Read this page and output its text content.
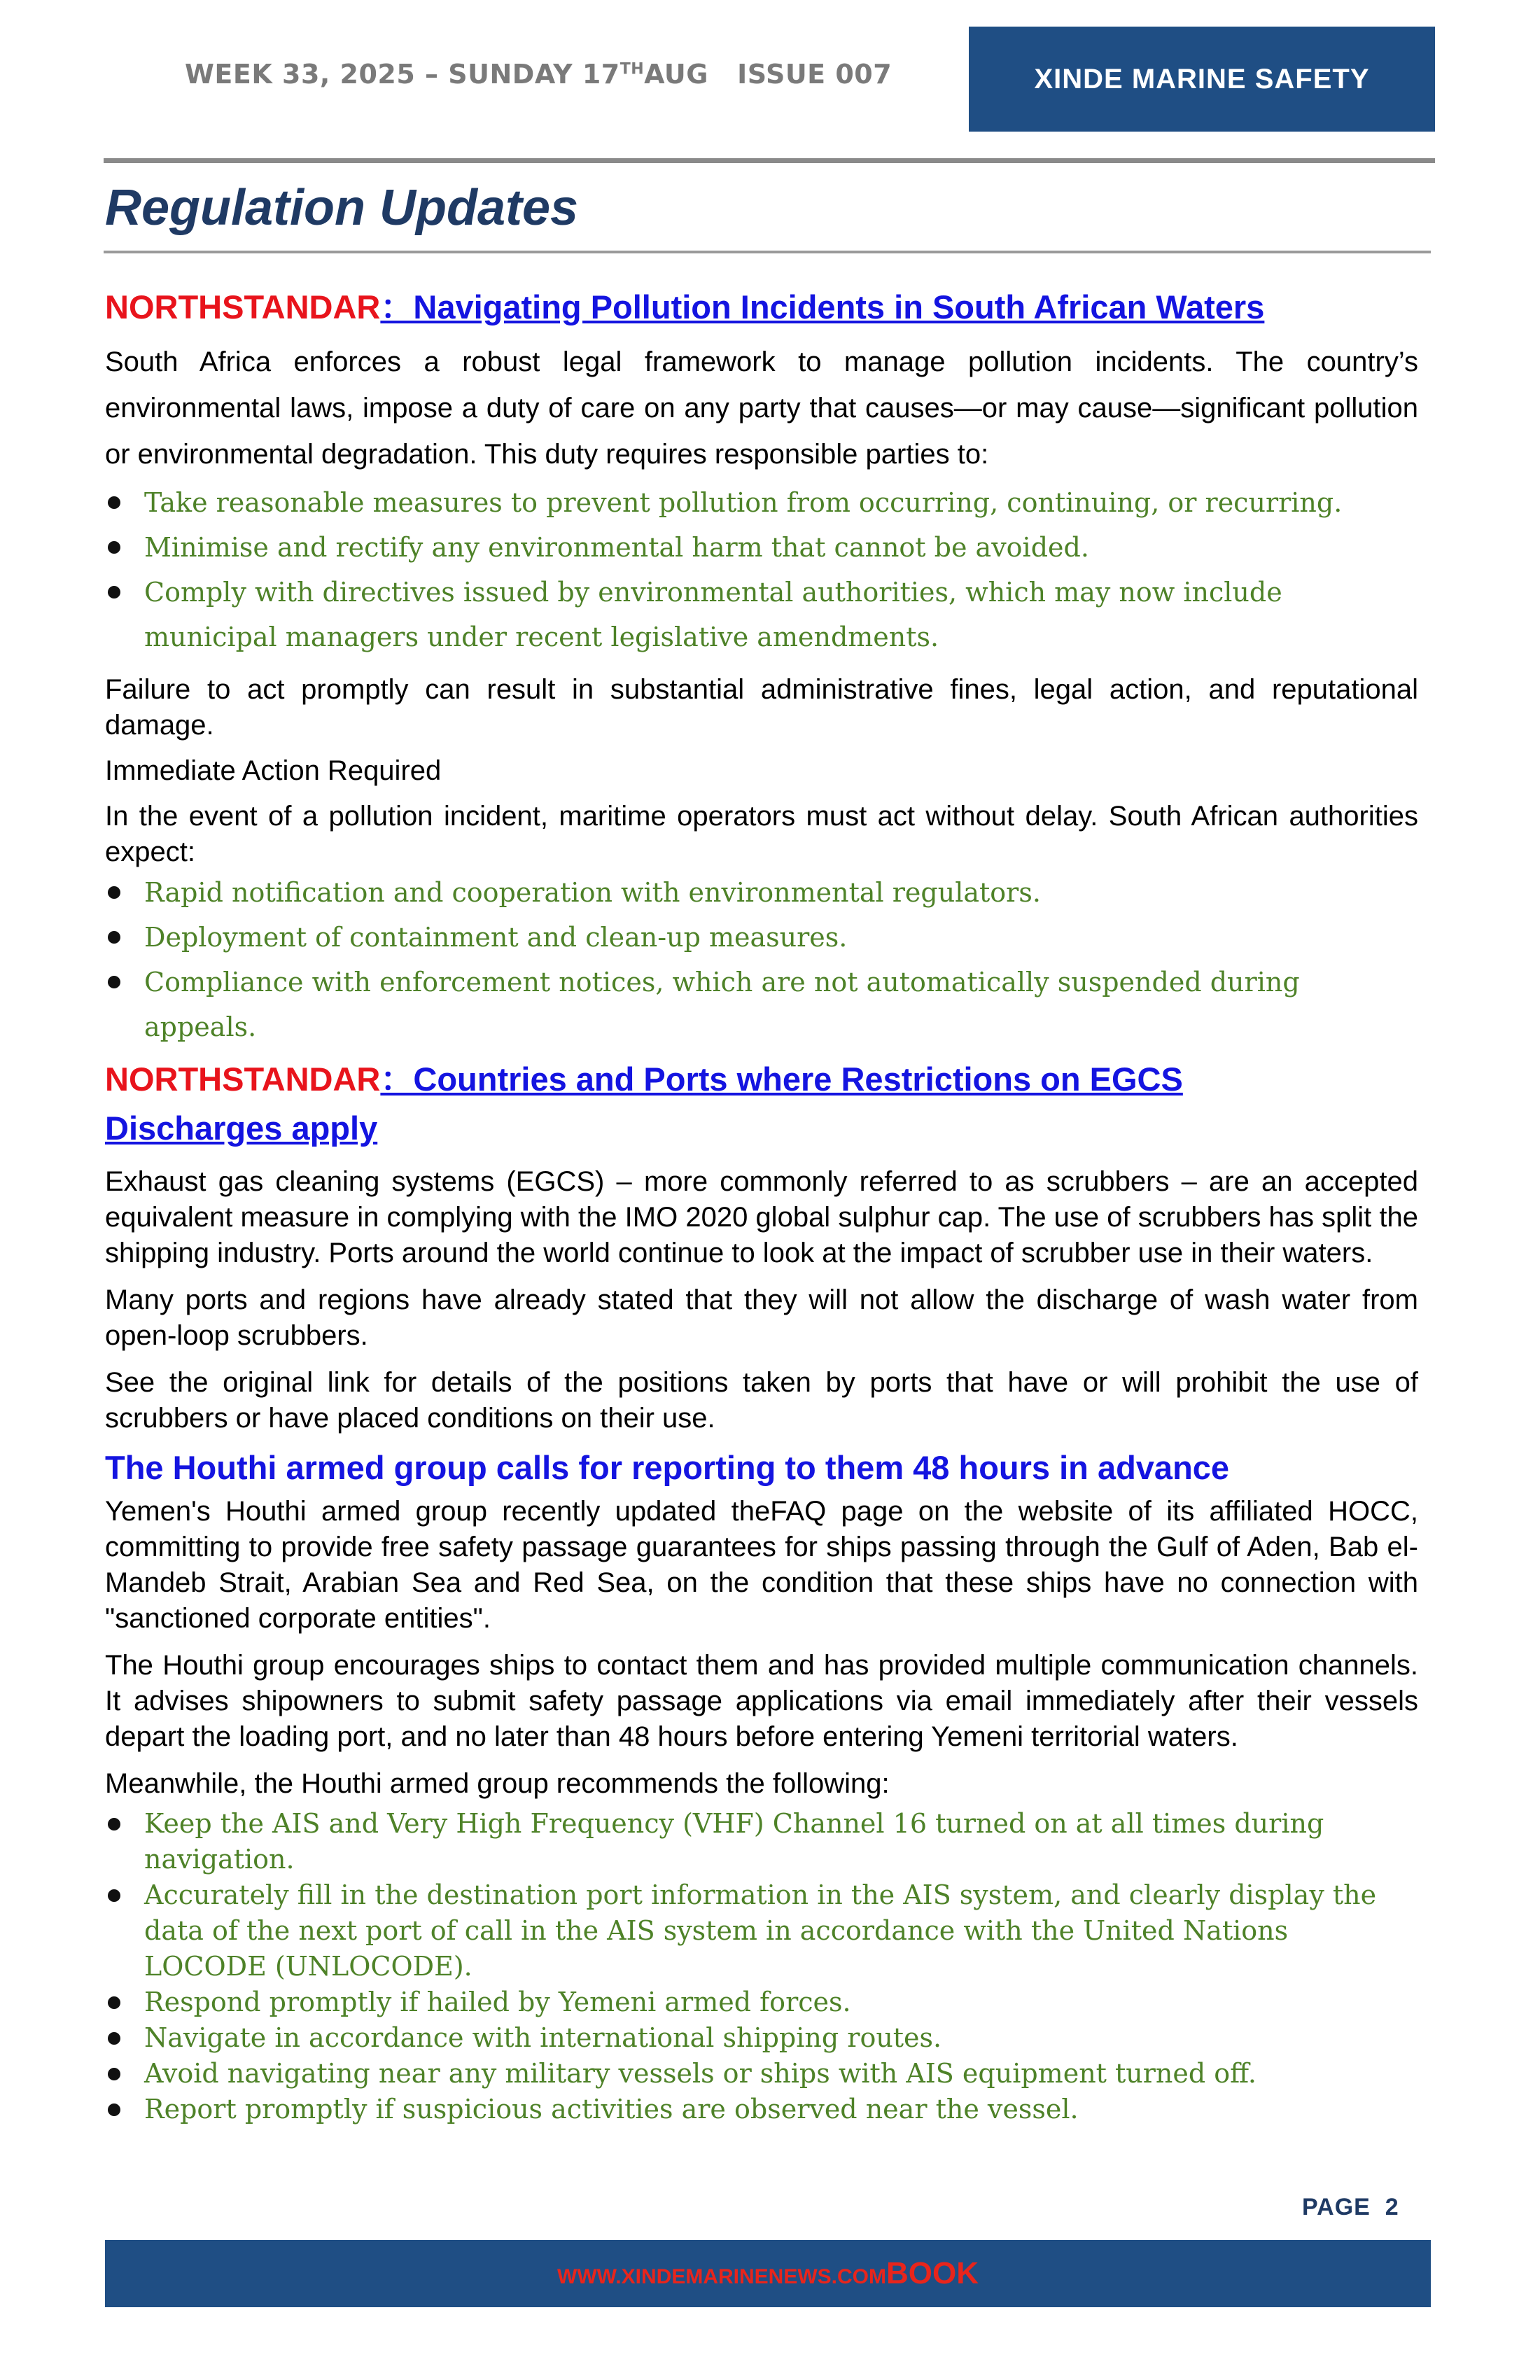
WEEK 33, 2025 – SUNDAY 17THAUG   ISSUE 007	XINDE MARINE SAFETY
Regulation Updates
NORTHSTANDAR：Navigating Pollution Incidents in South African Waters

South Africa enforces a robust legal framework to manage pollution incidents. The country’s environmental laws, impose a duty of care on any party that causes—or may cause—significant pollution or environmental degradation. This duty requires responsible parties to:

Take reasonable measures to prevent pollution from occurring, continuing, or recurring.
Minimise and rectify any environmental harm that cannot be avoided.
Comply with directives issued by environmental authorities, which may now include municipal managers under recent legislative amendments.

Failure to act promptly can result in substantial administrative fines, legal action, and reputational damage.

Immediate Action Required

In the event of a pollution incident, maritime operators must act without delay. South African authorities expect:

Rapid notification and cooperation with environmental regulators.
Deployment of containment and clean-up measures.
Compliance with enforcement notices, which are not automatically suspended during appeals.
NORTHSTANDAR：Countries and Ports where Restrictions on EGCS Discharges apply

Exhaust gas cleaning systems (EGCS) – more commonly referred to as scrubbers – are an accepted equivalent measure in complying with the IMO 2020 global sulphur cap. The use of scrubbers has split the shipping industry. Ports around the world continue to look at the impact of scrubber use in their waters.

Many ports and regions have already stated that they will not allow the discharge of wash water from open-loop scrubbers.

See the original link for details of the positions taken by ports that have or will prohibit the use of scrubbers or have placed conditions on their use.

The Houthi armed group calls for reporting to them 48 hours in advance

Yemen's Houthi armed group recently updated theFAQ page on the website of its affiliated HOCC, committing to provide free safety passage guarantees for ships passing through the Gulf of Aden, Bab el-Mandeb Strait, Arabian Sea and Red Sea, on the condition that these ships have no connection with "sanctioned corporate entities".

The Houthi group encourages ships to contact them and has provided multiple communication channels. It advises shipowners to submit safety passage applications via email immediately after their vessels depart the loading port, and no later than 48 hours before entering Yemeni territorial waters.

Meanwhile, the Houthi armed group recommends the following:

Keep the AIS and Very High Frequency (VHF) Channel 16 turned on at all times during navigation.
Accurately fill in the destination port information in the AIS system, and clearly display the data of the next port of call in the AIS system in accordance with the United Nations LOCODE (UNLOCODE).
Respond promptly if hailed by Yemeni armed forces.
Navigate in accordance with international shipping routes.
Avoid navigating near any military vessels or ships with AIS equipment turned off.
Report promptly if suspicious activities are observed near the vessel.
PAGE  2
WWW.XINDEMARINENEWS.COMBOOK
